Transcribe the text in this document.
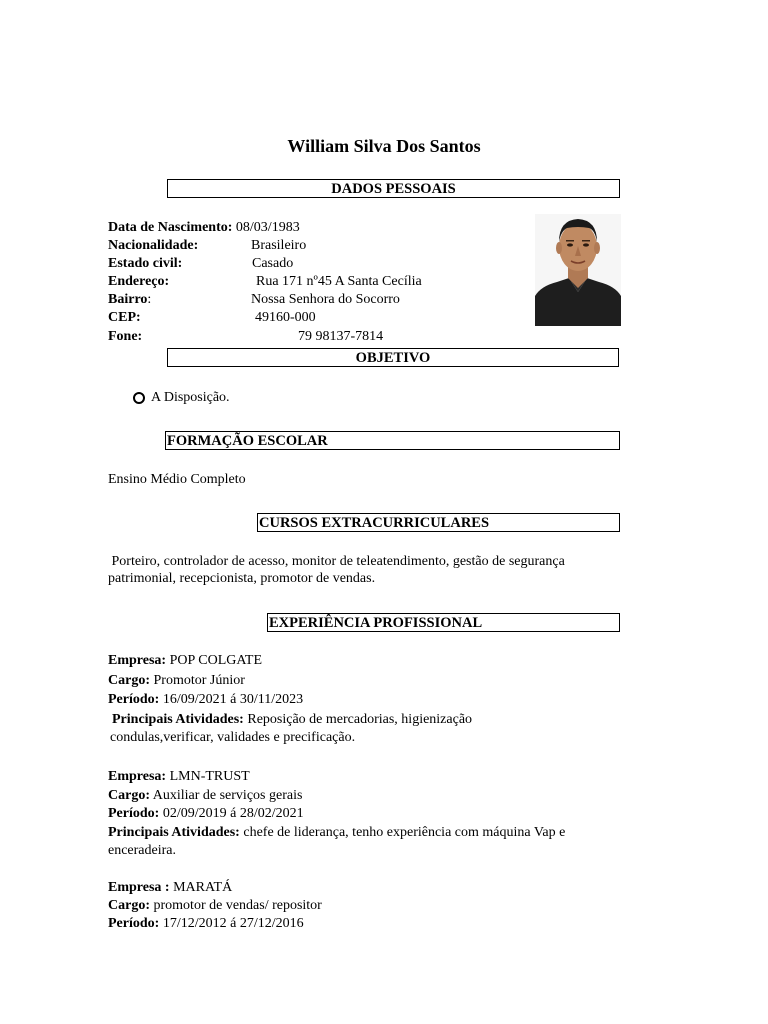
William Silva Dos Santos
DADOS PESSOAIS
Data de Nascimento: 08/03/1983
Nacionalidade:	Brasileiro
Estado civil:	Casado
Endereço:	Rua 171 nº45 A Santa Cecília
Bairro:	Nossa Senhora do Socorro
CEP:	49160-000
Fone:	79 98137-7814
OBJETIVO
A Disposição.
FORMAÇÃO ESCOLAR
Ensino Médio Completo
CURSOS EXTRACURRICULARES
Porteiro, controlador de acesso, monitor de teleatendimento, gestão de segurança
patrimonial, recepcionista, promotor de vendas.
EXPERIÊNCIA PROFISSIONAL
Empresa: POP COLGATE
Cargo: Promotor Júnior
Período: 16/09/2021 á 30/11/2023
Principais Atividades: Reposição de mercadorias, higienização
condulas,verificar, validades e precificação.
Empresa: LMN-TRUST
Cargo: Auxiliar de serviços gerais
Período: 02/09/2019 á 28/02/2021
Principais Atividades: chefe de liderança, tenho experiência com máquina Vap e
enceradeira.
Empresa : MARATÁ
Cargo: promotor de vendas/ repositor
Período: 17/12/2012 á 27/12/2016
